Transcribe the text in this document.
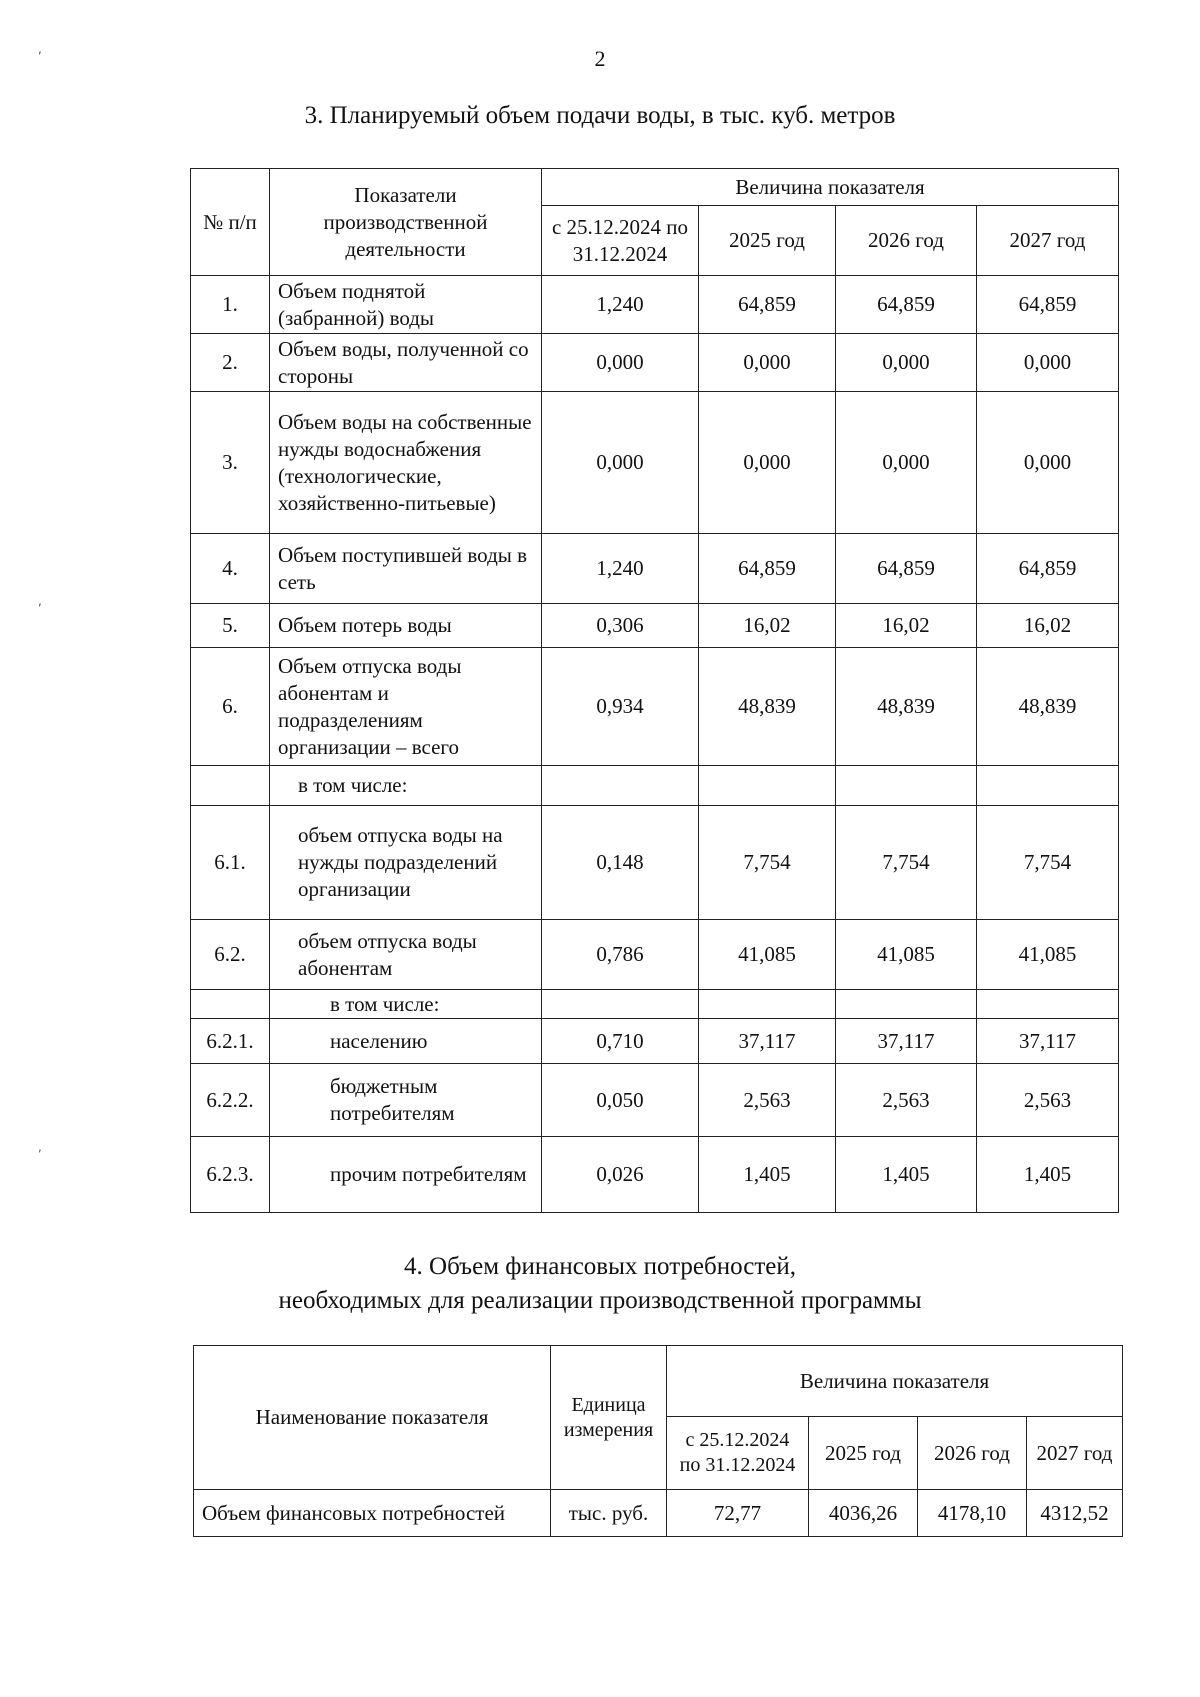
2
3. Планируемый объем подачи воды, в тыс. куб. метров
№ п/п	Показатели производственной деятельности	Величина показателя			
		с 25.12.2024 по 31.12.2024	2025 год	2026 год	2027 год
1.	Объем поднятой (забранной) воды	1,240	64,859	64,859	64,859
2.	Объем воды, полученной со стороны	0,000	0,000	0,000	0,000
3.	Объем воды на собственные нужды водоснабжения (технологические, хозяйственно-питьевые)	0,000	0,000	0,000	0,000
4.	Объем поступившей воды в сеть	1,240	64,859	64,859	64,859
5.	Объем потерь воды	0,306	16,02	16,02	16,02
6.	Объем отпуска воды абонентам и подразделениям организации – всего	0,934	48,839	48,839	48,839
	в том числе:				
6.1.	объем отпуска воды на нужды подразделений организации	0,148	7,754	7,754	7,754
6.2.	объем отпуска воды абонентам	0,786	41,085	41,085	41,085
	в том числе:				
6.2.1.	населению	0,710	37,117	37,117	37,117
6.2.2.	бюджетным потребителям	0,050	2,563	2,563	2,563
6.2.3.	прочим потребителям	0,026	1,405	1,405	1,405
4. Объем финансовых потребностей,
необходимых для реализации производственной программы
Наименование показателя	Единица измерения	Величина показателя			
		с 25.12.2024 по 31.12.2024	2025 год	2026 год	2027 год
Объем финансовых потребностей	тыс. руб.	72,77	4036,26	4178,10	4312,52
,
,
,
